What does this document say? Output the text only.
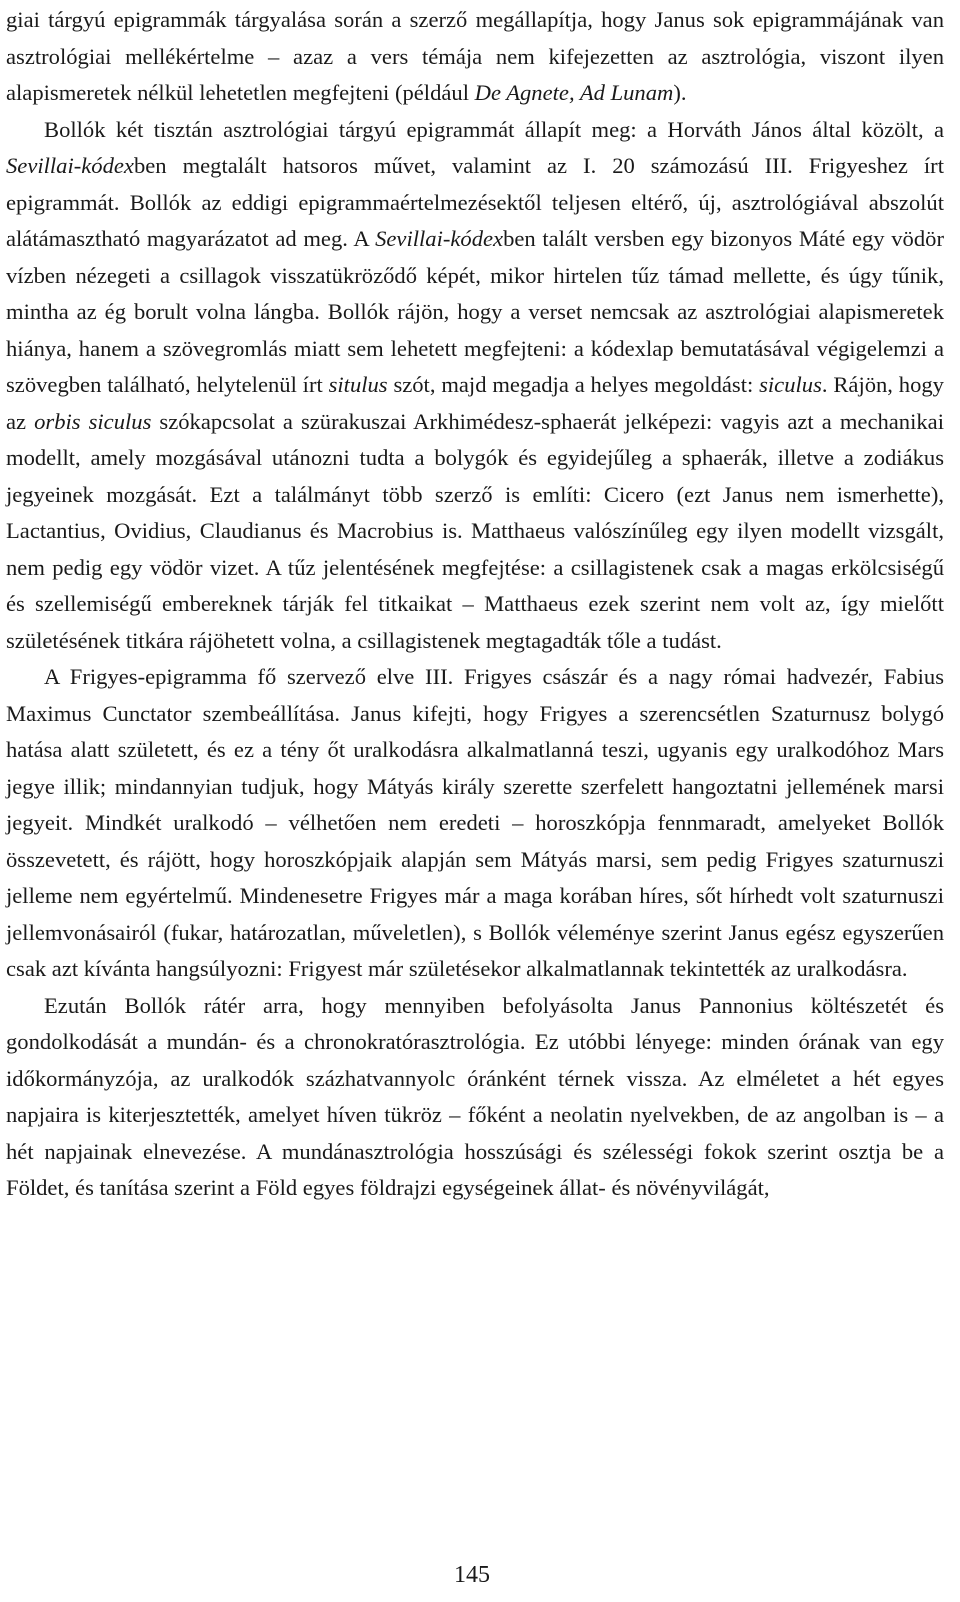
giai tárgyú epigrammák tárgyalása során a szerző megállapítja, hogy Janus sok epigrammájának van asztrológiai mellékértelme – azaz a vers témája nem kifejezetten az asztrológia, viszont ilyen alapismeretek nélkül lehetetlen megfejteni (például De Agnete, Ad Lunam).

Bollók két tisztán asztrológiai tárgyú epigrammát állapít meg: a Horváth János által közölt, a Sevillai-kódexben megtalált hatsoros művet, valamint az I. 20 számozású III. Frigyeshez írt epigrammát. Bollók az eddigi epigrammaértelmezésektől teljesen eltérő, új, asztrológiával abszolút alátámasztható magyarázatot ad meg. A Sevillai-kódexben talált versben egy bizonyos Máté egy vödör vízben nézegeti a csillagok visszatükröződő képét, mikor hirtelen tűz támad mellette, és úgy tűnik, mintha az ég borult volna lángba. Bollók rájön, hogy a verset nemcsak az asztrológiai alapismeretek hiánya, hanem a szövegromlás miatt sem lehetett megfejteni: a kódexlap bemutatásával végigelemzi a szövegben található, helytelenül írt situlus szót, majd megadja a helyes megoldást: siculus. Rájön, hogy az orbis siculus szókapcsolat a szürakuszai Arkhimédesz-sphaerát jelképezi: vagyis azt a mechanikai modellt, amely mozgásával utánozni tudta a bolygók és egyidejűleg a sphaerák, illetve a zodiákus jegyeinek mozgását. Ezt a találmányt több szerző is említi: Cicero (ezt Janus nem ismerhette), Lactantius, Ovidius, Claudianus és Macrobius is. Matthaeus valószínűleg egy ilyen modellt vizsgált, nem pedig egy vödör vizet. A tűz jelentésének megfejtése: a csillagistenek csak a magas erkölcsiségű és szellemiségű embereknek tárják fel titkaikat – Matthaeus ezek szerint nem volt az, így mielőtt születésének titkára rájöhetett volna, a csillagistenek megtagadták tőle a tudást.

A Frigyes-epigramma fő szervező elve III. Frigyes császár és a nagy római hadvezér, Fabius Maximus Cunctator szembeállítása. Janus kifejti, hogy Frigyes a szerencsétlen Szaturnusz bolygó hatása alatt született, és ez a tény őt uralkodásra alkalmatlanná teszi, ugyanis egy uralkodóhoz Mars jegye illik; mindannyian tudjuk, hogy Mátyás király szerette szerfelett hangoztatni jellemének marsi jegyeit. Mindkét uralkodó – vélhetően nem eredeti – horoszkópja fennmaradt, amelyeket Bollók összevetett, és rájött, hogy horoszkópjaik alapján sem Mátyás marsi, sem pedig Frigyes szaturnuszi jelleme nem egyértelmű. Mindenesetre Frigyes már a maga korában híres, sőt hírhedt volt szaturnuszi jellemvonásairól (fukar, határozatlan, műveletlen), s Bollók véleménye szerint Janus egész egyszerűen csak azt kívánta hangsúlyozni: Frigyest már születésekor alkalmatlannak tekintették az uralkodásra.

Ezután Bollók rátér arra, hogy mennyiben befolyásolta Janus Pannonius költészetét és gondolkodását a mundán- és a chronokratórasztrológia. Ez utóbbi lényege: minden órának van egy időkormányzója, az uralkodók százhatvannyolc óránként térnek vissza. Az elméletet a hét egyes napjaira is kiterjesztették, amelyet híven tükröz – főként a neolatin nyelvekben, de az angolban is – a hét napjainak elnevezése. A mundánasztrológia hosszúsági és szélességi fokok szerint osztja be a Földet, és tanítása szerint a Föld egyes földrajzi egységeinek állat- és növényvilágát,

145
